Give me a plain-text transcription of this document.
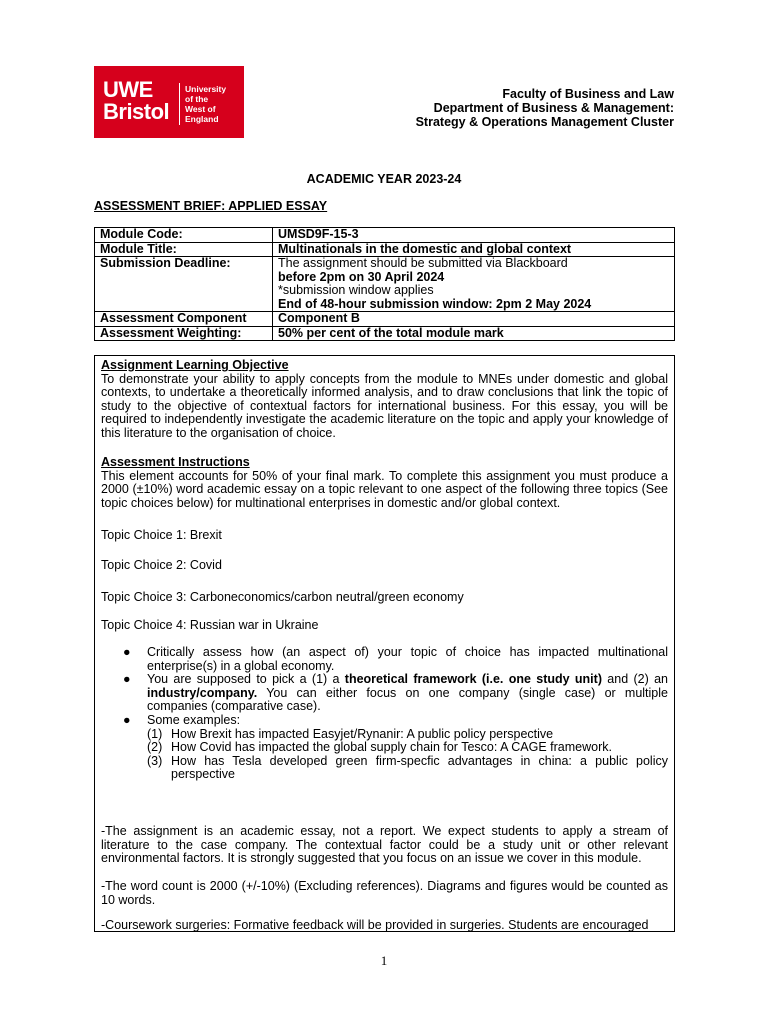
UWE
Bristol
University
of the
West of
England
Faculty of Business and Law
Department of Business & Management:
Strategy & Operations Management Cluster
ACADEMIC YEAR 2023-24
ASSESSMENT BRIEF: APPLIED ESSAY
Module Code:	UMSD9F-15-3
Module Title:	Multinationals in the domestic and global context
Submission Deadline:	The assignment should be submitted via Blackboard
before 2pm on 30 April 2024
*submission window applies
End of 48-hour submission window: 2pm 2 May 2024

Assessment Component	Component B
Assessment Weighting:	50% per cent of the total module mark
Assignment Learning Objective
To demonstrate your ability to apply concepts from the module to MNEs under domestic and global contexts, to undertake a theoretically informed analysis, and to draw conclusions that link the topic of study to the objective of contextual factors for international business. For this essay, you will be required to independently investigate the academic literature on the topic and apply your knowledge of this literature to the organisation of choice.
Assessment Instructions
This element accounts for 50% of your final mark. To complete this assignment you must produce a 2000 (±10%) word academic essay on a topic relevant to one aspect of the following three topics (See topic choices below) for multinational enterprises in domestic and/or global context.
Topic Choice 1: Brexit
Topic Choice 2: Covid
Topic Choice 3: Carboneconomics/carbon neutral/green economy
Topic Choice 4: Russian war in Ukraine
● Critically assess how (an aspect of) your topic of choice has impacted multinational enterprise(s) in a global economy.
● You are supposed to pick a (1) a theoretical framework (i.e. one study unit) and (2) an industry/company. You can either focus on one company (single case) or multiple companies (comparative case).
● Some examples:
(1) How Brexit has impacted Easyjet/Rynanir: A public policy perspective
(2) How Covid has impacted the global supply chain for Tesco: A CAGE framework.
(3) How has Tesla developed green firm-specfic advantages in china: a public policy perspective
-The assignment is an academic essay, not a report. We expect students to apply a stream of literature to the case company. The contextual factor could be a study unit or other relevant environmental factors. It is strongly suggested that you focus on an issue we cover in this module.
-The word count is 2000 (+/-10%) (Excluding references). Diagrams and figures would be counted as 10 words.
-Coursework surgeries: Formative feedback will be provided in surgeries. Students are encouraged
1
